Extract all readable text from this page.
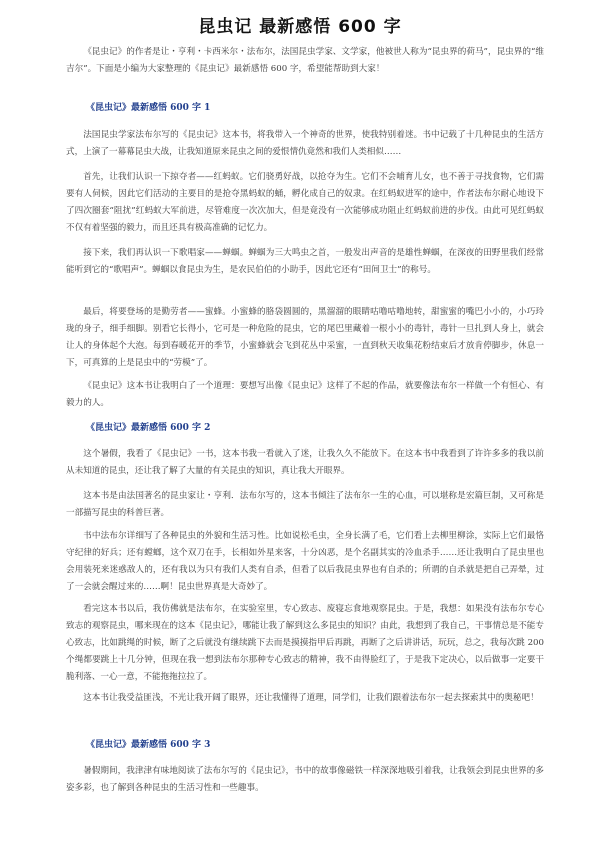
昆虫记 最新感悟 600 字

《昆虫记》的作者是让・亨利・卡西米尔・法布尔，法国昆虫学家、文学家，他被世人称为“昆虫界的荷马”，昆虫界的“维吉尔”。下面是小编为大家整理的《昆虫记》最新感悟 600 字，希望能帮助到大家！

《昆虫记》最新感悟 600 字 1

法国昆虫学家法布尔写的《昆虫记》这本书，将我带入一个神奇的世界，使我特别着迷。书中记载了十几种昆虫的生活方式，上演了一幕幕昆虫大战，让我知道原来昆虫之间的爱恨情仇竟然和我们人类相似……

首先，让我们认识一下掠夺者——红蚂蚁。它们骁勇好战，以抢夺为生。它们不会哺育儿女，也不善于寻找食物，它们需要有人伺候，因此它们活动的主要目的是抢夺黑蚂蚁的蛹，孵化成自己的奴隶。在红蚂蚁进军的途中，作者法布尔耐心地设下了四次圈套“阻扰”红蚂蚁大军前进，尽管难度一次次加大，但是竟没有一次能够成功阻止红蚂蚁前进的步伐。由此可见红蚂蚁不仅有着坚强的毅力，而且还具有极高准确的记忆力。

接下来，我们再认识一下歌唱家——蝉蝈。蝉蝈为三大鸣虫之首，一般发出声音的是雄性蝉蝈，在深夜的田野里我们经常能听到它的“歌唱声”。蝉蝈以食昆虫为生，是农民伯伯的小助手，因此它还有“田间卫士”的称号。

最后，将要登场的是勤劳者——蜜蜂。小蜜蜂的胳袋圆圆的，黑溜溜的眼睛咕噜咕噜地转，甜蜜蜜的嘴巴小小的，小巧玲珑的身子，细手细脚。别看它长得小，它可是一种危险的昆虫，它的尾巴里藏着一根小小的毒针，毒针一旦扎到人身上，就会让人的身体起个大泡。每到春暖花开的季节，小蜜蜂就会飞到花丛中采蜜，一直到秋天收集花粉结束后才放肯停脚步，休息一下，可真算的上是昆虫中的“劳模”了。

《昆虫记》这本书让我明白了一个道理：要想写出像《昆虫记》这样了不起的作品，就要像法布尔一样做一个有恒心、有毅力的人。

《昆虫记》最新感悟 600 字 2

这个暑假，我看了《昆虫记》一书，这本书我一看就入了迷，让我久久不能放下。在这本书中我看到了许许多多的我以前从未知道的昆虫，还让我了解了大量的有关昆虫的知识，真让我大开眼界。

这本书是由法国著名的昆虫家让・亨利．法布尔写的，这本书倾注了法布尔一生的心血，可以堪称是宏篇巨制，又可称是一部描写昆虫的科普巨著。

书中法布尔详细写了各种昆虫的外貌和生活习性。比如说松毛虫，全身长满了毛，它们看上去柳里柳涂，实际上它们最恪守纪律的好兵；还有螳螂，这个双刀在手，长相如外星来客，十分凶恶，是个名副其实的冷血杀手……还让我明白了昆虫里也会用装死来迷惑敌人的，还有我以为只有我们人类有自杀，但看了以后我昆虫界也有自杀的；所谓的自杀就是把自己弄晕，过了一会就会醒过来的……啊！昆虫世界真是大奇妙了。

看完这本书以后，我仿佛就是法布尔，在实验室里，专心致志、废寝忘食地观察昆虫。于是，我想：如果没有法布尔专心致志的观察昆虫，哪来现在的这本《昆虫记》，哪能让我了解到这么多昆虫的知识？由此，我想到了我自己，干事情总是不能专心致志，比如跳绳的时候，断了之后就没有继续跳下去而是摸摸指甲后再跳，再断了之后讲讲话，玩玩，总之，我每次跳 200 个绳都要跳上十几分钟，但现在我一想到法布尔那种专心致志的精神，我不由得脸红了，于是我下定决心，以后做事一定要干脆利落、一心一意，不能拖拖拉拉了。

这本书让我受益匪浅，不光让我开阔了眼界，还让我懂得了道理，同学们，让我们跟着法布尔一起去探索其中的奥秘吧！

《昆虫记》最新感悟 600 字 3

暑假期间，我津津有味地阅读了法布尔写的《昆虫记》，书中的故事像磁铁一样深深地吸引着我，让我领会到昆虫世界的多姿多彩，也了解到各种昆虫的生活习性和一些趣事。
